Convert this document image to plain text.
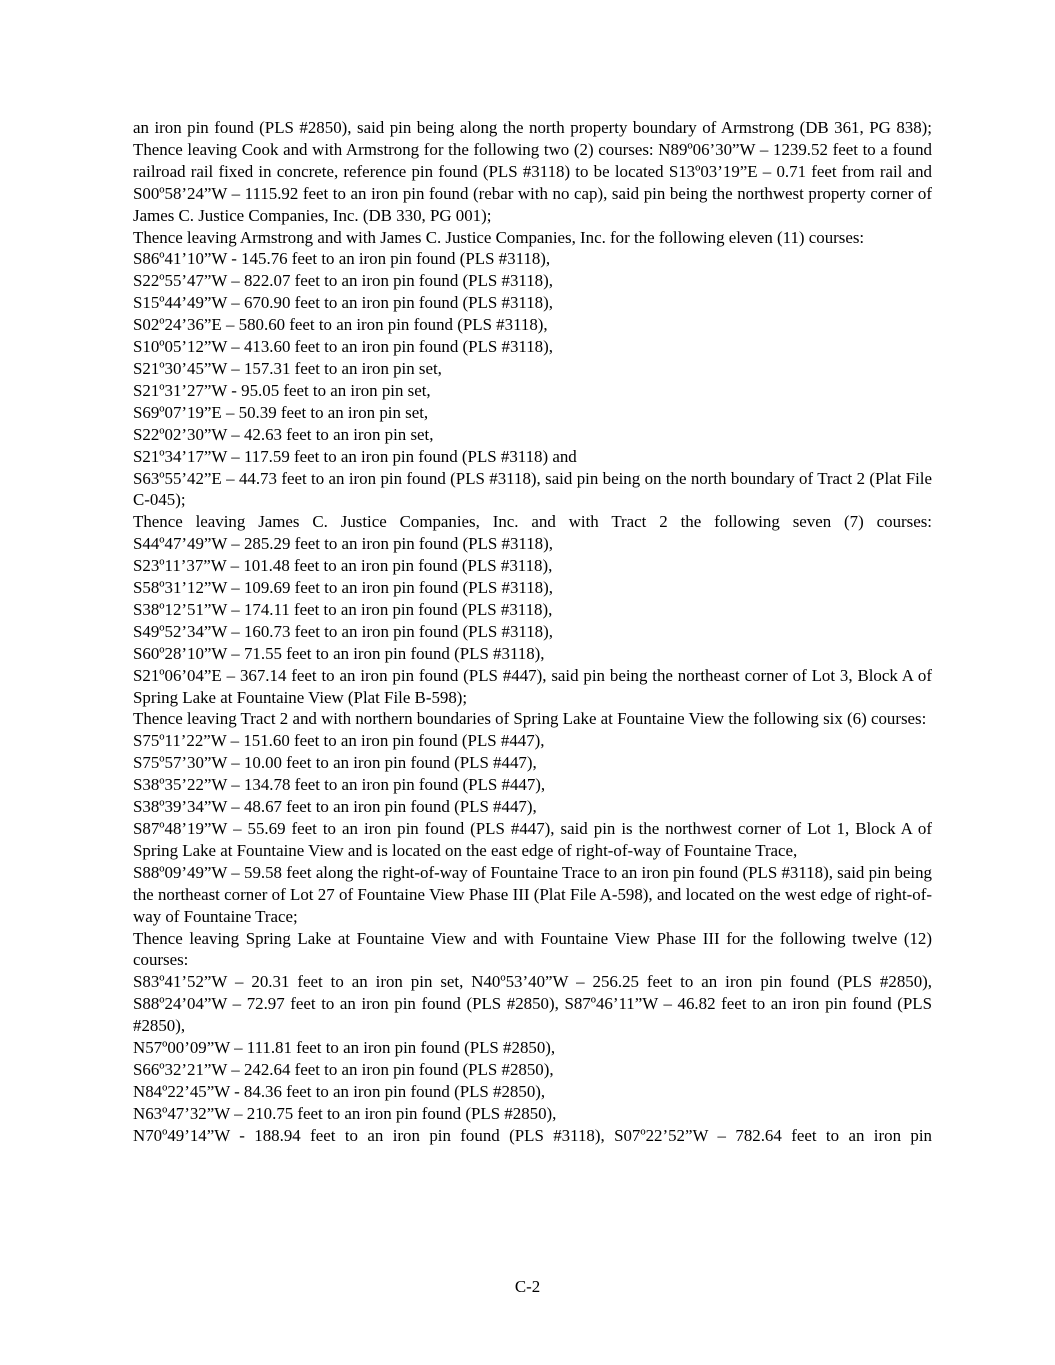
an iron pin found (PLS #2850), said pin being along the north property boundary of Armstrong (DB 361, PG 838); Thence leaving Cook and with Armstrong for the following two (2) courses: N89º06’30”W – 1239.52 feet to a found railroad rail fixed in concrete, reference pin found (PLS #3118) to be located S13º03’19”E – 0.71 feet from rail and S00º58’24”W – 1115.92 feet to an iron pin found (rebar with no cap), said pin being the northwest property corner of James C. Justice Companies, Inc. (DB 330, PG 001);

Thence leaving Armstrong and with James C. Justice Companies, Inc. for the following eleven (11) courses:

S86º41’10”W - 145.76 feet to an iron pin found (PLS #3118),

S22º55’47”W – 822.07 feet to an iron pin found (PLS #3118),

S15º44’49”W – 670.90 feet to an iron pin found (PLS #3118),

S02º24’36”E – 580.60 feet to an iron pin found (PLS #3118),

S10º05’12”W – 413.60 feet to an iron pin found (PLS #3118),

S21º30’45”W – 157.31 feet to an iron pin set,

S21º31’27”W - 95.05 feet to an iron pin set,

S69º07’19”E – 50.39 feet to an iron pin set,

S22º02’30”W – 42.63 feet to an iron pin set,

S21º34’17”W – 117.59 feet to an iron pin found (PLS #3118) and

S63º55’42”E – 44.73 feet to an iron pin found (PLS #3118), said pin being on the north boundary of Tract 2 (Plat File C-045);

Thence leaving James C. Justice Companies, Inc. and with Tract 2 the following seven (7) courses:

S44º47’49”W – 285.29 feet to an iron pin found (PLS #3118),

S23º11’37”W – 101.48 feet to an iron pin found (PLS #3118),

S58º31’12”W – 109.69 feet to an iron pin found (PLS #3118),

S38º12’51”W – 174.11 feet to an iron pin found (PLS #3118),

S49º52’34”W – 160.73 feet to an iron pin found (PLS #3118),

S60º28’10”W – 71.55 feet to an iron pin found (PLS #3118),

S21º06’04”E – 367.14 feet to an iron pin found (PLS #447), said pin being the northeast corner of Lot 3, Block A of Spring Lake at Fountaine View (Plat File B-598);

Thence leaving Tract 2 and with northern boundaries of Spring Lake at Fountaine View the following six (6) courses:

S75º11’22”W – 151.60 feet to an iron pin found (PLS #447),

S75º57’30”W – 10.00 feet to an iron pin found (PLS #447),

S38º35’22”W – 134.78 feet to an iron pin found (PLS #447),

S38º39’34”W – 48.67 feet to an iron pin found (PLS #447),

S87º48’19”W – 55.69 feet to an iron pin found (PLS #447), said pin is the northwest corner of Lot 1, Block A of Spring Lake at Fountaine View and is located on the east edge of right-of-way of Fountaine Trace,

S88º09’49”W – 59.58 feet along the right-of-way of Fountaine Trace to an iron pin found (PLS #3118), said pin being the northeast corner of Lot 27 of Fountaine View Phase III (Plat File A-598), and located on the west edge of right-of-way of Fountaine Trace;

Thence leaving Spring Lake at Fountaine View and with Fountaine View Phase III for the following twelve (12) courses:

S83º41’52”W – 20.31 feet to an iron pin set, N40º53’40”W – 256.25 feet to an iron pin found (PLS #2850), S88º24’04”W – 72.97 feet to an iron pin found (PLS #2850), S87º46’11”W – 46.82 feet to an iron pin found (PLS #2850),

N57º00’09”W – 111.81 feet to an iron pin found (PLS #2850),

S66º32’21”W – 242.64 feet to an iron pin found (PLS #2850),

N84º22’45”W - 84.36 feet to an iron pin found (PLS #2850),

N63º47’32”W – 210.75 feet to an iron pin found (PLS #2850),

N70º49’14”W - 188.94 feet to an iron pin found (PLS #3118), S07º22’52”W – 782.64 feet to an iron pin

C-2
